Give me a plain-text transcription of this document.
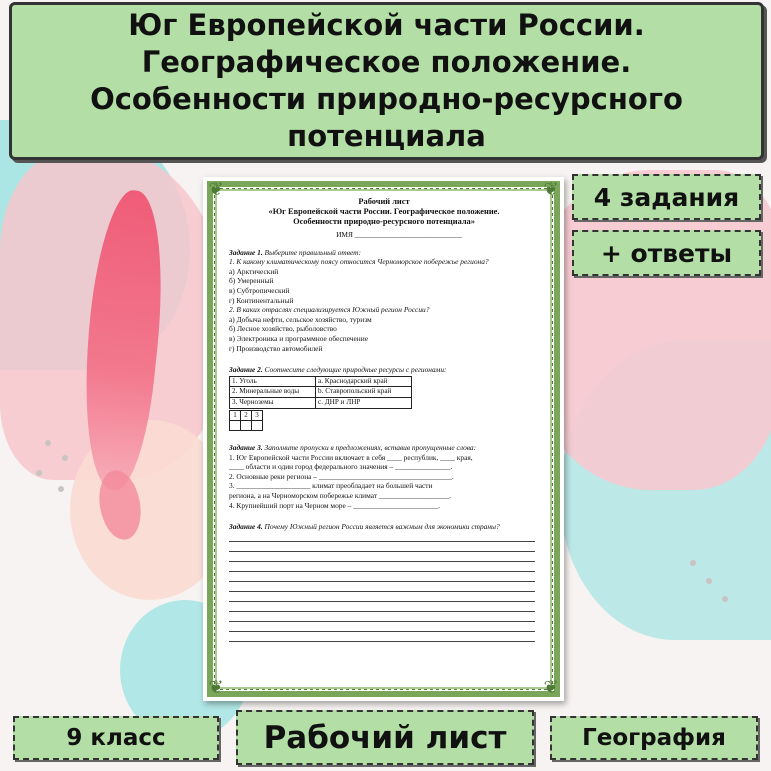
Юг Европейской части России.
Географическое положение.
Особенности природно-ресурсного
потенциала
4 задания
+ ответы
❦	❦
❦	❦
Рабочий лист
«Юг Европейской части России. Географическое положение.
Особенности природно-ресурсного потенциала»
ИМЯ _____________________________
Задание 1. Выберите правильный ответ:
1. К какому климатическому поясу относится Черноморское побережье региона?
а) Арктический
б) Умеренный
в) Субтропический
г) Континентальный
2. В каких отраслях специализируется Южный регион России?
а) Добыча нефти, сельское хозяйство, туризм
б) Лесное хозяйство, рыболовство
в) Электроника и программное обеспечение
г) Производство автомобилей
Задание 2. Соотнесите следующие природные ресурсы с регионами:
1. Уголь	а. Краснодарский край
2. Минеральные воды	b. Ставропольский край
3. Черноземы	с. ДНР и ЛНР
1	2	3

Задание 3. Заполните пропуски в предложениях, вставив пропущенные слова:
1. Юг Европейской части России включает в себя ____ республик, ____ края,
____ области и один город федерального значения – _______________.
2. Основные реки региона – ____________________________________.
3. ____________________ климат преобладает на большей части
региона, а на Черноморском побережье климат ___________________.
4. Крупнейший порт на Черном море – _______________________.
Задание 4. Почему Южный регион России является важным для экономики страны?
9 класс	Рабочий лист	География
